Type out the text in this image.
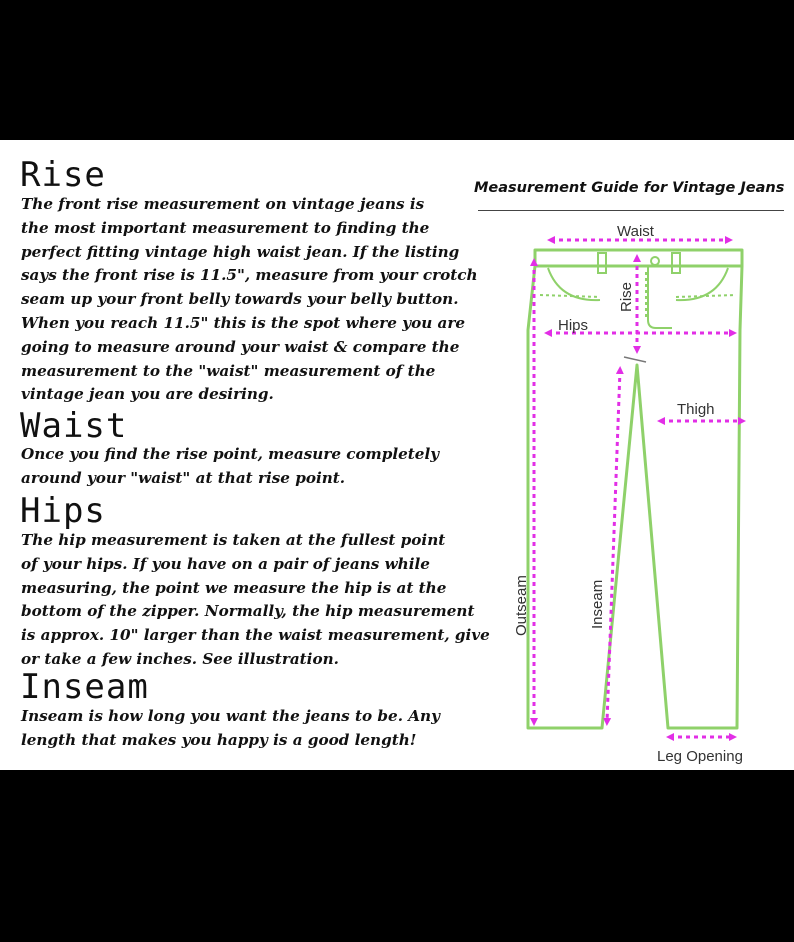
Rise

The front rise measurement on vintage jeans is
the most important measurement to finding the
perfect fitting vintage high waist jean. If the listing
says the front rise is 11.5", measure from your crotch
seam up your front belly towards your belly button.
When you reach 11.5" this is the spot where you are
going to measure around your waist & compare the
measurement to the "waist" measurement of the
vintage jean you are desiring.

Waist

Once you find the rise point, measure completely
around your "waist" at that rise point.

Hips

The hip measurement is taken at the fullest point
of your hips. If you have on a pair of jeans while
measuring, the point we measure the hip is at the
bottom of the zipper. Normally, the hip measurement
is approx. 10" larger than the waist measurement, give
or take a few inches. See illustration.

Inseam

Inseam is how long you want the jeans to be. Any
length that makes you happy is a good length!

Measurement Guide for Vintage Jeans
Waist
Hips
Thigh
Leg Opening
Rise
Outseam	Inseam
